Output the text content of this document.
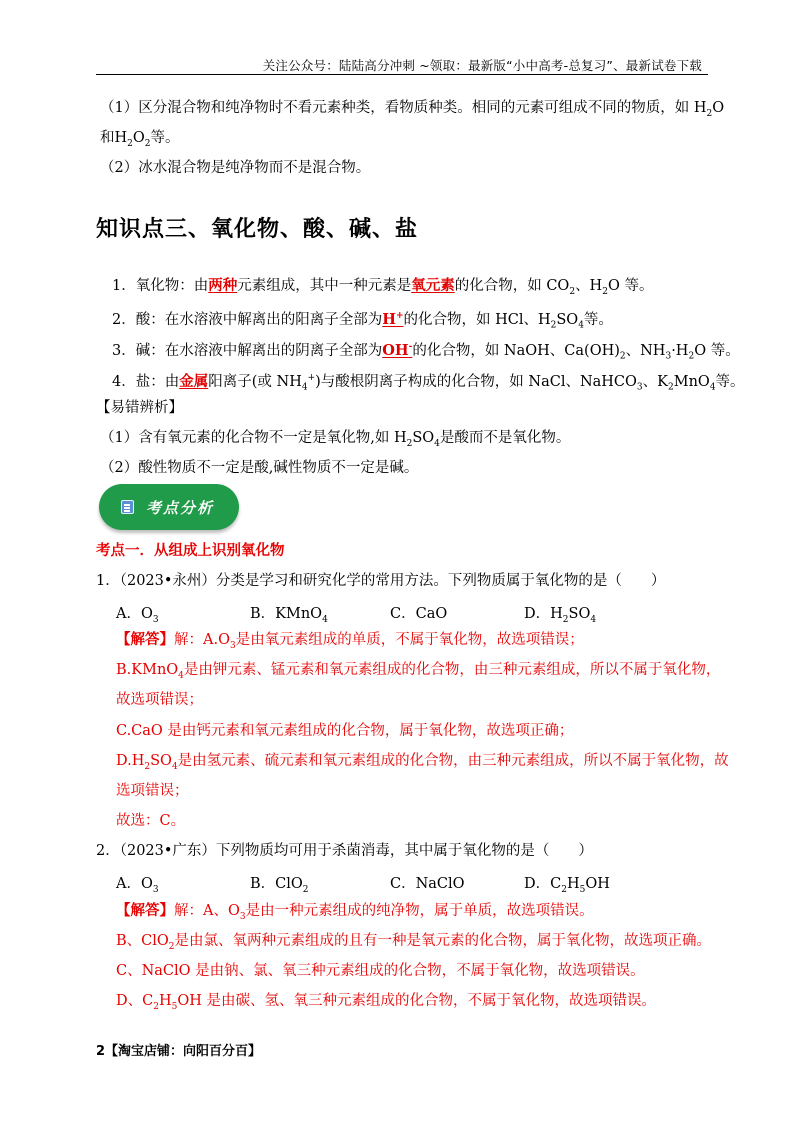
关注公众号：陆陆高分冲刺 ~领取：最新版“小中高考-总复习”、最新试卷下载
（1）区分混合物和纯净物时不看元素种类，看物质种类。相同的元素可组成不同的物质，如 $H_2O$
和$H_2O_2$等。
（2）冰水混合物是纯净物而不是混合物。
知识点三、氧化物、酸、碱、盐
1．氧化物：由两种元素组成，其中一种元素是氧元素的化合物，如 $CO_2$、$H_2O$ 等。
2．酸：在水溶液中解离出的阳离子全部为H+的化合物，如 HCl、$H_2SO_4$等。
3．碱：在水溶液中解离出的阴离子全部为OH-的化合物，如 NaOH、$Ca(OH)_2$、$NH_3\cdot H_2O$ 等。
4．盐：由金属阳离子(或 $NH_4^+$)与酸根阴离子构成的化合物，如 NaCl、NaHCO$_3$、$K_2MnO_4$等。
【易错辨析】
（1）含有氧元素的化合物不一定是氧化物,如 $H_2SO_4$是酸而不是氧化物。
（2）酸性物质不一定是酸,碱性物质不一定是碱。
考点分析
考点一．从组成上识别氧化物
1．（2023•永州）分类是学习和研究化学的常用方法。下列物质属于氧化物的是（　　）
A．$O_3$	B．KMnO$_4$	C．CaO	D．$H_2SO_4$
【解答】解：$A.O_3$是由氧元素组成的单质，不属于氧化物，故选项错误；
B.KMnO$_4$是由钾元素、锰元素和氧元素组成的化合物，由三种元素组成，所以不属于氧化物，
故选项错误；
C.CaO 是由钙元素和氧元素组成的化合物，属于氧化物，故选项正确；
$D.H_2SO_4$是由氢元素、硫元素和氧元素组成的化合物，由三种元素组成，所以不属于氧化物，故
选项错误；
故选：C。
2．（2023•广东）下列物质均可用于杀菌消毒，其中属于氧化物的是（　　）
A．$O_3$	B．ClO$_2$	C．NaClO	D．$C_2H_5OH$
【解答】解：A、$O_3$是由一种元素组成的纯净物，属于单质，故选项错误。
B、ClO$_2$是由氯、氧两种元素组成的且有一种是氧元素的化合物，属于氧化物，故选项正确。
C、NaClO 是由钠、氯、氧三种元素组成的化合物，不属于氧化物，故选项错误。
D、$C_2H_5OH$ 是由碳、氢、氧三种元素组成的化合物，不属于氧化物，故选项错误。
2【淘宝店铺：向阳百分百】
